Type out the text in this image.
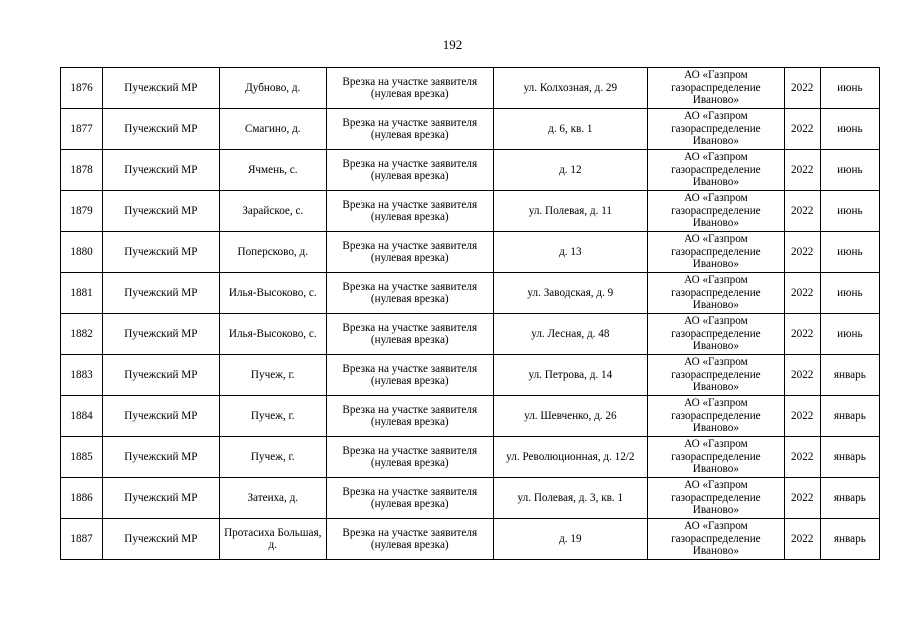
192
1876	Пучежский МР	Дубново, д.	Врезка на участке заявителя (нулевая врезка)	ул. Колхозная, д. 29	АО «Газпром газораспределение Иваново»	2022	июнь
1877	Пучежский МР	Смагино, д.	Врезка на участке заявителя (нулевая врезка)	д. 6, кв. 1	АО «Газпром газораспределение Иваново»	2022	июнь
1878	Пучежский МР	Ячмень, с.	Врезка на участке заявителя (нулевая врезка)	д. 12	АО «Газпром газораспределение Иваново»	2022	июнь
1879	Пучежский МР	Зарайское, с.	Врезка на участке заявителя (нулевая врезка)	ул. Полевая, д. 11	АО «Газпром газораспределение Иваново»	2022	июнь
1880	Пучежский МР	Поперсково, д.	Врезка на участке заявителя (нулевая врезка)	д. 13	АО «Газпром газораспределение Иваново»	2022	июнь
1881	Пучежский МР	Илья-Высоково, с.	Врезка на участке заявителя (нулевая врезка)	ул. Заводская, д. 9	АО «Газпром газораспределение Иваново»	2022	июнь
1882	Пучежский МР	Илья-Высоково, с.	Врезка на участке заявителя (нулевая врезка)	ул. Лесная, д. 48	АО «Газпром газораспределение Иваново»	2022	июнь
1883	Пучежский МР	Пучеж, г.	Врезка на участке заявителя (нулевая врезка)	ул. Петрова, д. 14	АО «Газпром газораспределение Иваново»	2022	январь
1884	Пучежский МР	Пучеж, г.	Врезка на участке заявителя (нулевая врезка)	ул. Шевченко, д. 26	АО «Газпром газораспределение Иваново»	2022	январь
1885	Пучежский МР	Пучеж, г.	Врезка на участке заявителя (нулевая врезка)	ул. Революционная, д. 12/2	АО «Газпром газораспределение Иваново»	2022	январь
1886	Пучежский МР	Затеиха, д.	Врезка на участке заявителя (нулевая врезка)	ул. Полевая, д. 3, кв. 1	АО «Газпром газораспределение Иваново»	2022	январь
1887	Пучежский МР	Протасиха Большая, д.	Врезка на участке заявителя (нулевая врезка)	д. 19	АО «Газпром газораспределение Иваново»	2022	январь
